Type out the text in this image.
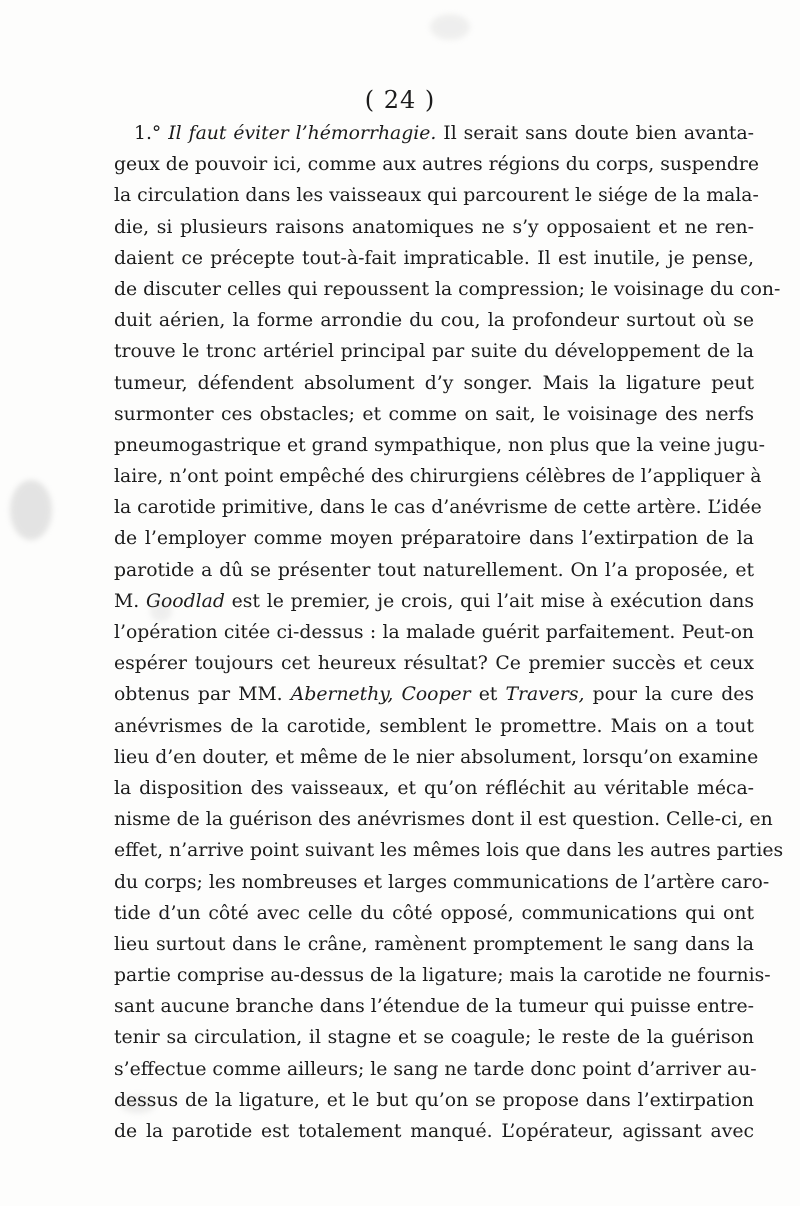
( 24 )
1.° Il faut éviter l’hémorrhagie. Il serait sans doute bien avanta-
geux de pouvoir ici, comme aux autres régions du corps, suspendre
la circulation dans les vaisseaux qui parcourent le siége de la mala-
die, si plusieurs raisons anatomiques ne s’y opposaient et ne ren-
daient ce précepte tout-à-fait impraticable. Il est inutile, je pense,
de discuter celles qui repoussent la compression; le voisinage du con-
duit aérien, la forme arrondie du cou, la profondeur surtout où se
trouve le tronc artériel principal par suite du développement de la
tumeur, défendent absolument d’y songer. Mais la ligature peut
surmonter ces obstacles; et comme on sait, le voisinage des nerfs
pneumogastrique et grand sympathique, non plus que la veine jugu-
laire, n’ont point empêché des chirurgiens célèbres de l’appliquer à
la carotide primitive, dans le cas d’anévrisme de cette artère. L’idée
de l’employer comme moyen préparatoire dans l’extirpation de la
parotide a dû se présenter tout naturellement. On l’a proposée, et
M. Goodlad est le premier, je crois, qui l’ait mise à exécution dans
l’opération citée ci-dessus : la malade guérit parfaitement. Peut-on
espérer toujours cet heureux résultat? Ce premier succès et ceux
obtenus par MM. Abernethy, Cooper et Travers, pour la cure des
anévrismes de la carotide, semblent le promettre. Mais on a tout
lieu d’en douter, et même de le nier absolument, lorsqu’on examine
la disposition des vaisseaux, et qu’on réfléchit au véritable méca-
nisme de la guérison des anévrismes dont il est question. Celle-ci, en
effet, n’arrive point suivant les mêmes lois que dans les autres parties
du corps; les nombreuses et larges communications de l’artère caro-
tide d’un côté avec celle du côté opposé, communications qui ont
lieu surtout dans le crâne, ramènent promptement le sang dans la
partie comprise au-dessus de la ligature; mais la carotide ne fournis-
sant aucune branche dans l’étendue de la tumeur qui puisse entre-
tenir sa circulation, il stagne et se coagule; le reste de la guérison
s’effectue comme ailleurs; le sang ne tarde donc point d’arriver au-
dessus de la ligature, et le but qu’on se propose dans l’extirpation
de la parotide est totalement manqué. L’opérateur, agissant avec
